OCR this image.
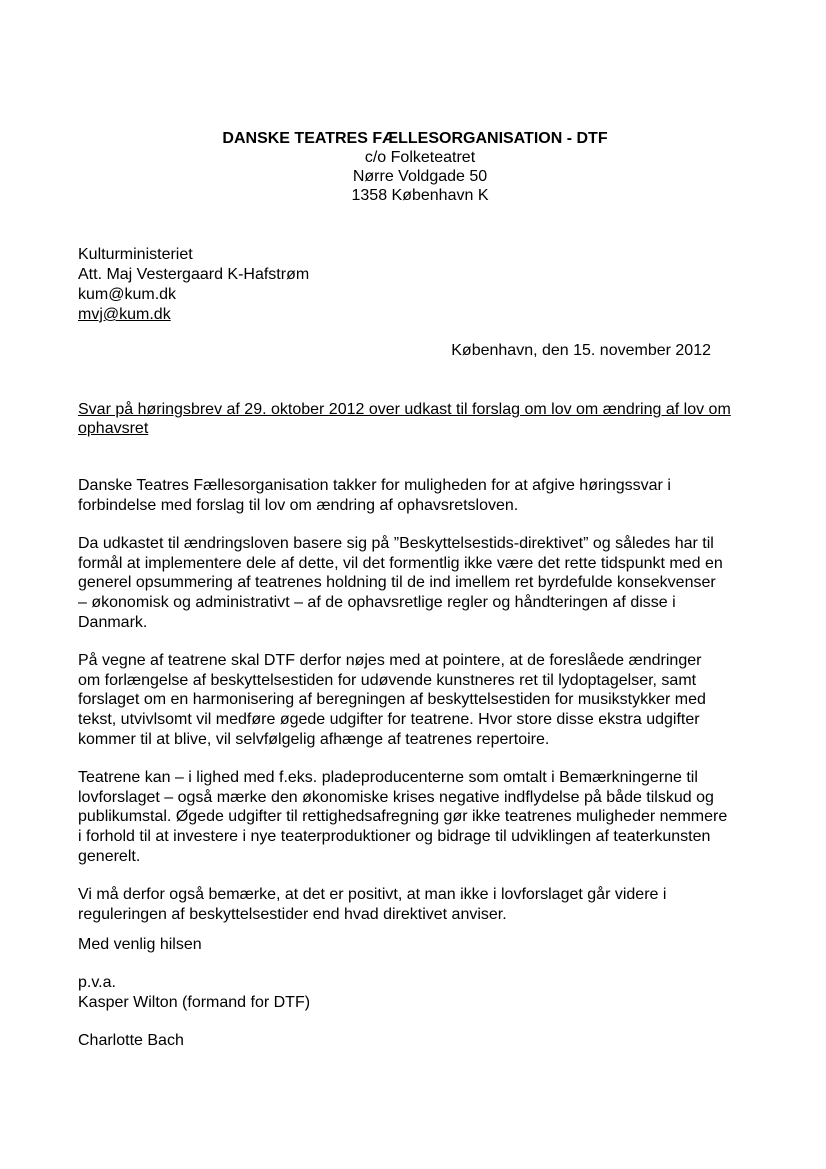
DANSKE TEATRES FÆLLESORGANISATION - DTF
c/o Folketeatret
Nørre Voldgade 50
1358 København K
Kulturministeriet
Att. Maj Vestergaard K-Hafstrøm
kum@kum.dk
mvj@kum.dk
København, den 15. november 2012
Svar på høringsbrev af 29. oktober 2012 over udkast til forslag om lov om ændring af lov om ophavsret

Danske Teatres Fællesorganisation takker for muligheden for at afgive høringssvar i forbindelse med forslag til lov om ændring af ophavsretsloven.

Da udkastet til ændringsloven basere sig på ”Beskyttelsestids-direktivet” og således har til formål at implementere dele af dette, vil det formentlig ikke være det rette tidspunkt med en generel opsummering af teatrenes holdning til de ind imellem ret byrdefulde konsekvenser – økonomisk og administrativt – af de ophavsretlige regler og håndteringen af disse i Danmark.

På vegne af teatrene skal DTF derfor nøjes med at pointere, at de foreslåede ændringer om forlængelse af beskyttelsestiden for udøvende kunstneres ret til lydoptagelser, samt forslaget om en harmonisering af beregningen af beskyttelsestiden for musikstykker med tekst, utvivlsomt vil medføre øgede udgifter for teatrene. Hvor store disse ekstra udgifter kommer til at blive, vil selvfølgelig afhænge af teatrenes repertoire.

Teatrene kan – i lighed med f.eks. pladeproducenterne som omtalt i Bemærkningerne til lovforslaget – også mærke den økonomiske krises negative indflydelse på både tilskud og publikumstal. Øgede udgifter til rettighedsafregning gør ikke teatrenes muligheder nemmere i forhold til at investere i nye teaterproduktioner og bidrage til udviklingen af teaterkunsten generelt.

Vi må derfor også bemærke, at det er positivt, at man ikke i lovforslaget går videre i reguleringen af beskyttelsestider end hvad direktivet anviser.

Med venlig hilsen
p.v.a.
Kasper Wilton (formand for DTF)
Charlotte Bach
